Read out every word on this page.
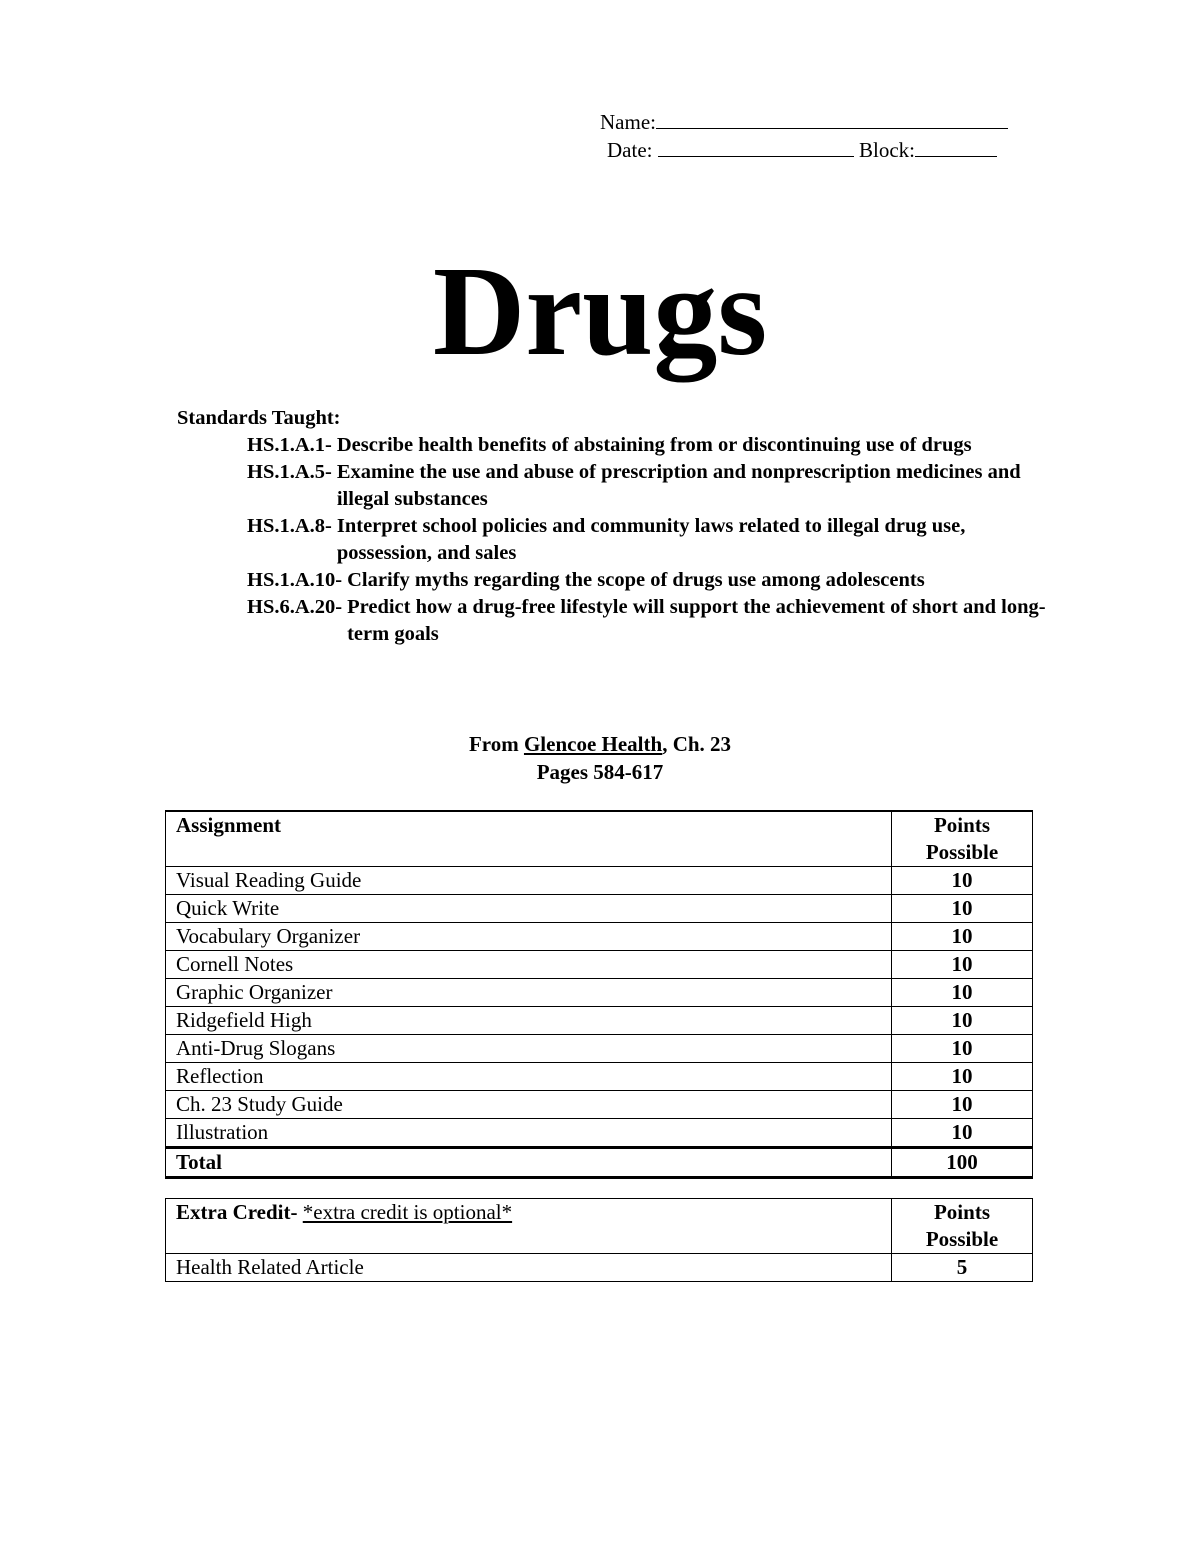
Name:
Date:	Block:
Drugs
Standards Taught:
HS.1.A.1- Describe health benefits of abstaining from or discontinuing use of drugs
HS.1.A.5- Examine the use and abuse of prescription and nonprescription medicines and illegal substances
HS.1.A.8- Interpret school policies and community laws related to illegal drug use, possession, and sales
HS.1.A.10- Clarify myths regarding the scope of drugs use among adolescents
HS.6.A.20- Predict how a drug-free lifestyle will support the achievement of short and long-term goals
From Glencoe Health, Ch. 23
Pages 584-617
Assignment	Points
Possible

Visual Reading Guide	10
Quick Write	10
Vocabulary Organizer	10
Cornell Notes	10
Graphic Organizer	10
Ridgefield High	10
Anti-Drug Slogans	10
Reflection	10
Ch. 23 Study Guide	10
Illustration	10
Total	100
Extra Credit- *extra credit is optional*	Points
Possible

Health Related Article	5
